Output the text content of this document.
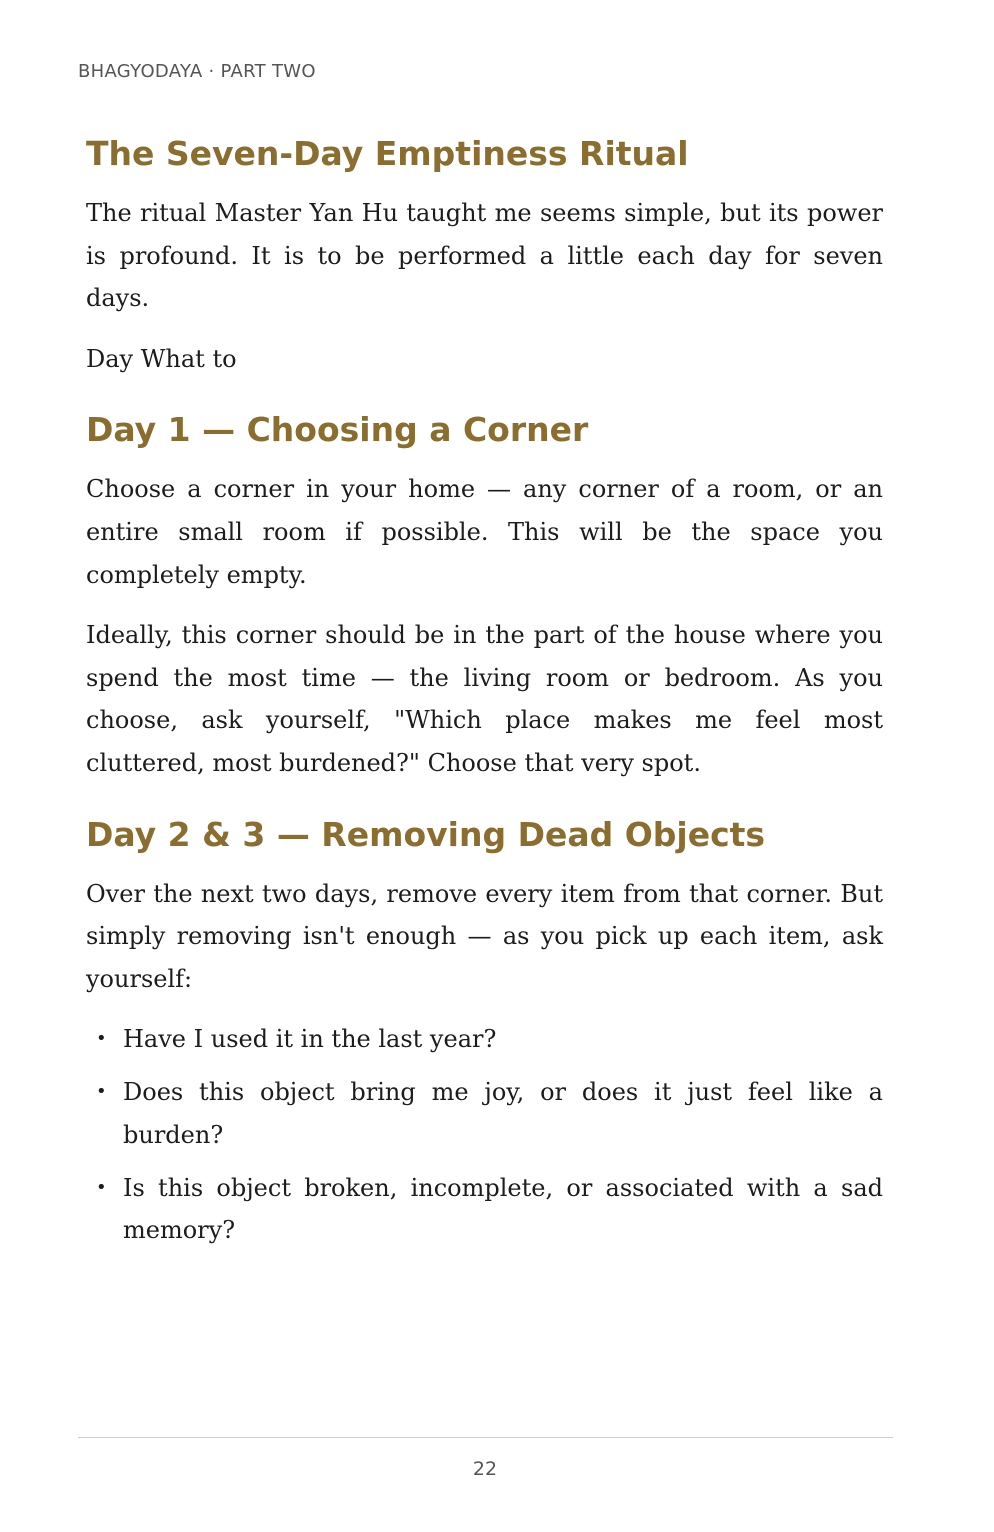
BHAGYODAYA · PART TWO
The Seven-Day Emptiness Ritual

The ritual Master Yan Hu taught me seems simple, but its power is profound. It is to be performed a little each day for seven days.

Day What to

Day 1 — Choosing a Corner

Choose a corner in your home — any corner of a room, or an entire small room if possible. This will be the space you completely empty.

Ideally, this corner should be in the part of the house where you spend the most time — the living room or bedroom. As you choose, ask yourself, "Which place makes me feel most cluttered, most burdened?" Choose that very spot.

Day 2 & 3 — Removing Dead Objects

Over the next two days, remove every item from that corner. But simply removing isn't enough — as you pick up each item, ask yourself:

• Have I used it in the last year?
• Does this object bring me joy, or does it just feel like a burden?
• Is this object broken, incomplete, or associated with a sad memory?
22
